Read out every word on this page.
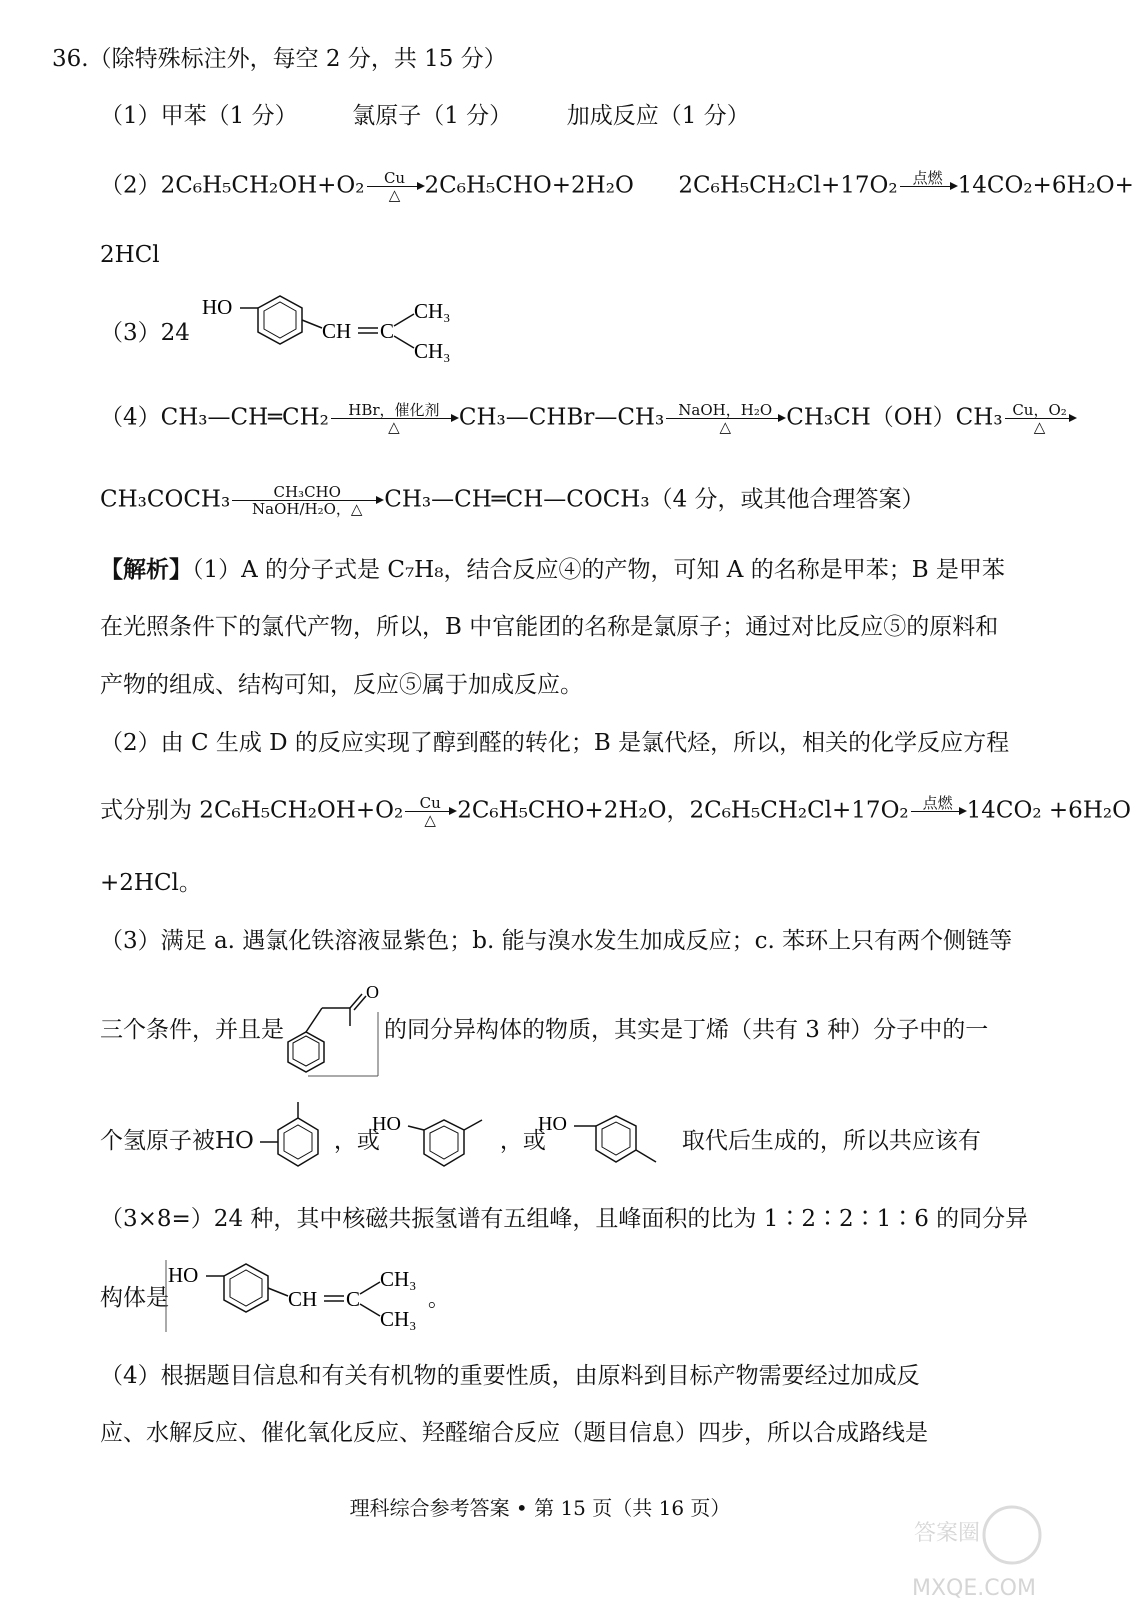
36.（除特殊标注外，每空 2 分，共 15 分）
（1）甲苯（1 分） 氯原子（1 分） 加成反应（1 分）
（2）2C₆H₅CH₂OH+O₂	Cu
△	2C₆H₅CHO+2H₂O 2C₆H₅CH₂Cl+17O₂ 点燃
14CO₂+6H₂O+
2HCl
（3）24
HO
CH C
CH₃
CH₃
（4）CH₃—CH═CH₂	HBr，催化剂
△	CH₃—CHBr—CH₃ NaOH，H₂O
△	CH₃CH（OH）CH₃ Cu，O₂
△
CH₃COCH₃	CH₃CHO
NaOH/H₂O，△ CH₃—CH═CH—COCH₃（4 分，或其他合理答案）
【解析】（1）A 的分子式是 C₇H₈，结合反应④的产物，可知 A 的名称是甲苯；B 是甲苯
在光照条件下的氯代产物，所以，B 中官能团的名称是氯原子；通过对比反应⑤的原料和
产物的组成、结构可知，反应⑤属于加成反应。
（2）由 C 生成 D 的反应实现了醇到醛的转化；B 是氯代烃，所以，相关的化学反应方程
式分别为 2C₆H₅CH₂OH+O₂	Cu
△ 2C₆H₅CHO+2H₂O，2C₆H₅CH₂Cl+17O₂ 点燃
14CO₂ +6H₂O
+2HCl。
（3）满足 a. 遇氯化铁溶液显紫色；b. 能与溴水发生加成反应；c. 苯环上只有两个侧链等
三个条件，并且是	的同分异构体的物质，其实是丁烯（共有 3 种）分子中的一
O
个氢原子被HO	，或	，或	取代后生成的，所以共应该有
HO	HO
（3×8=）24 种，其中核磁共振氢谱有五组峰，且峰面积的比为 1∶2∶2∶1∶6 的同分异
构体是
HO
CH C
CH₃
CH₃
。
（4）根据题目信息和有关有机物的重要性质，由原料到目标产物需要经过加成反
应、水解反应、催化氧化反应、羟醛缩合反应（题目信息）四步，所以合成路线是
理科综合参考答案 • 第 15 页（共 16 页）
答案圈
MXQE.COM
